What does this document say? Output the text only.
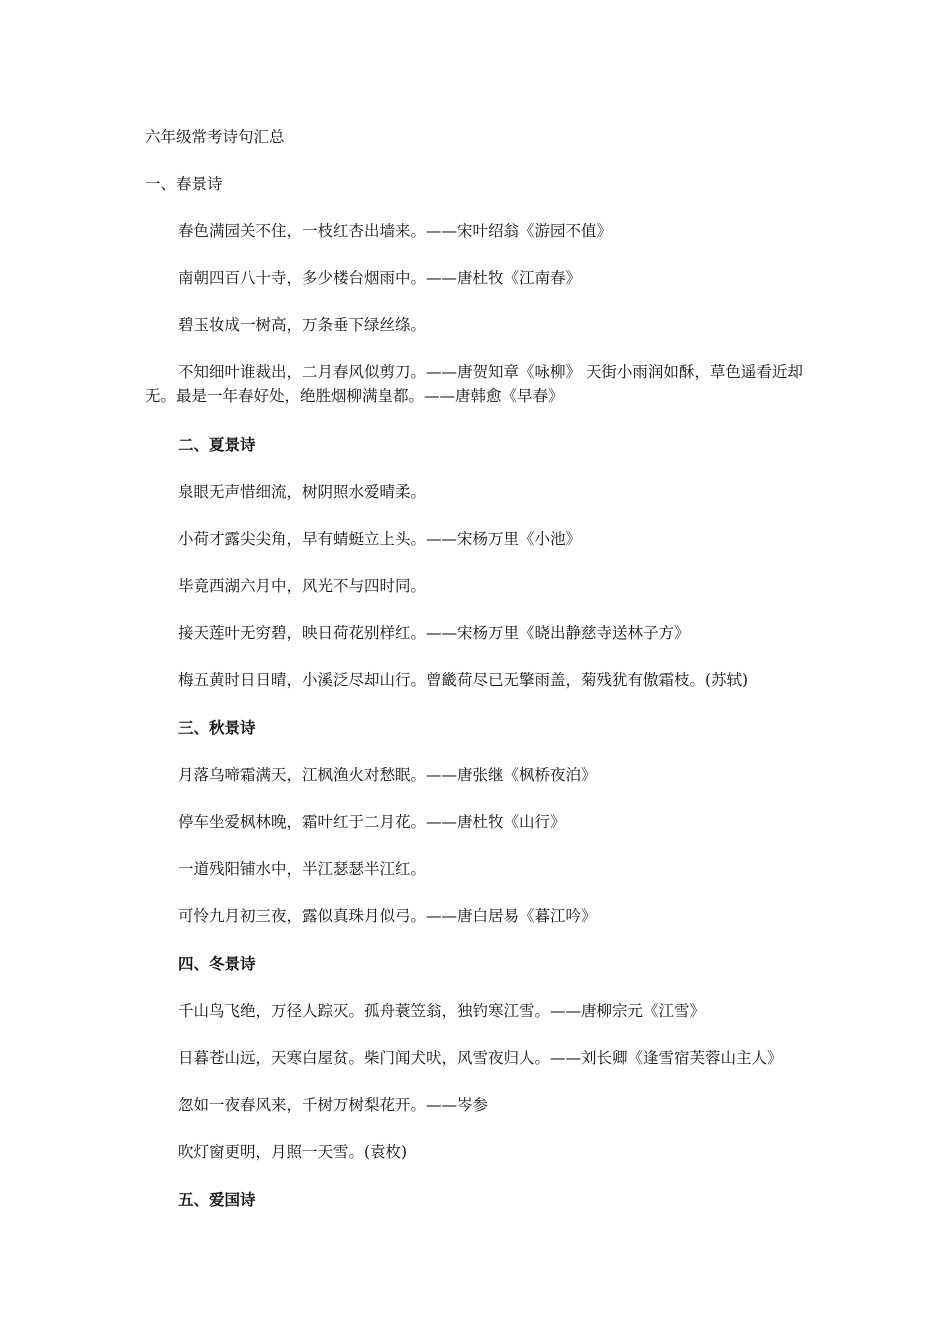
六年级常考诗句汇总

一、春景诗

春色满园关不住，一枝红杏出墙来。——宋叶绍翁《游园不值》

南朝四百八十寺，多少楼台烟雨中。——唐杜牧《江南春》

碧玉妆成一树高，万条垂下绿丝绦。

不知细叶谁裁出，二月春风似剪刀。——唐贺知章《咏柳》 天街小雨润如酥，草色遥看近却无。最是一年春好处，绝胜烟柳满皇都。——唐韩愈《早春》

二、夏景诗

泉眼无声惜细流，树阴照水爱晴柔。

小荷才露尖尖角，早有蜻蜓立上头。——宋杨万里《小池》

毕竟西湖六月中，风光不与四时同。

接天莲叶无穷碧，映日荷花别样红。——宋杨万里《晓出静慈寺送林子方》

梅五黄时日日晴，小溪泛尽却山行。曾畿荷尽已无擎雨盖，菊残犹有傲霜枝。(苏轼)

三、秋景诗

月落乌啼霜满天，江枫渔火对愁眠。——唐张继《枫桥夜泊》

停车坐爱枫林晚，霜叶红于二月花。——唐杜牧《山行》

一道残阳铺水中，半江瑟瑟半江红。

可怜九月初三夜，露似真珠月似弓。——唐白居易《暮江吟》

四、冬景诗

千山鸟飞绝，万径人踪灭。孤舟蓑笠翁，独钓寒江雪。——唐柳宗元《江雪》

日暮苍山远，天寒白屋贫。柴门闻犬吠，风雪夜归人。——刘长卿《逢雪宿芙蓉山主人》

忽如一夜春风来，千树万树梨花开。——岑参

吹灯窗更明，月照一天雪。(袁枚)

五、爱国诗
